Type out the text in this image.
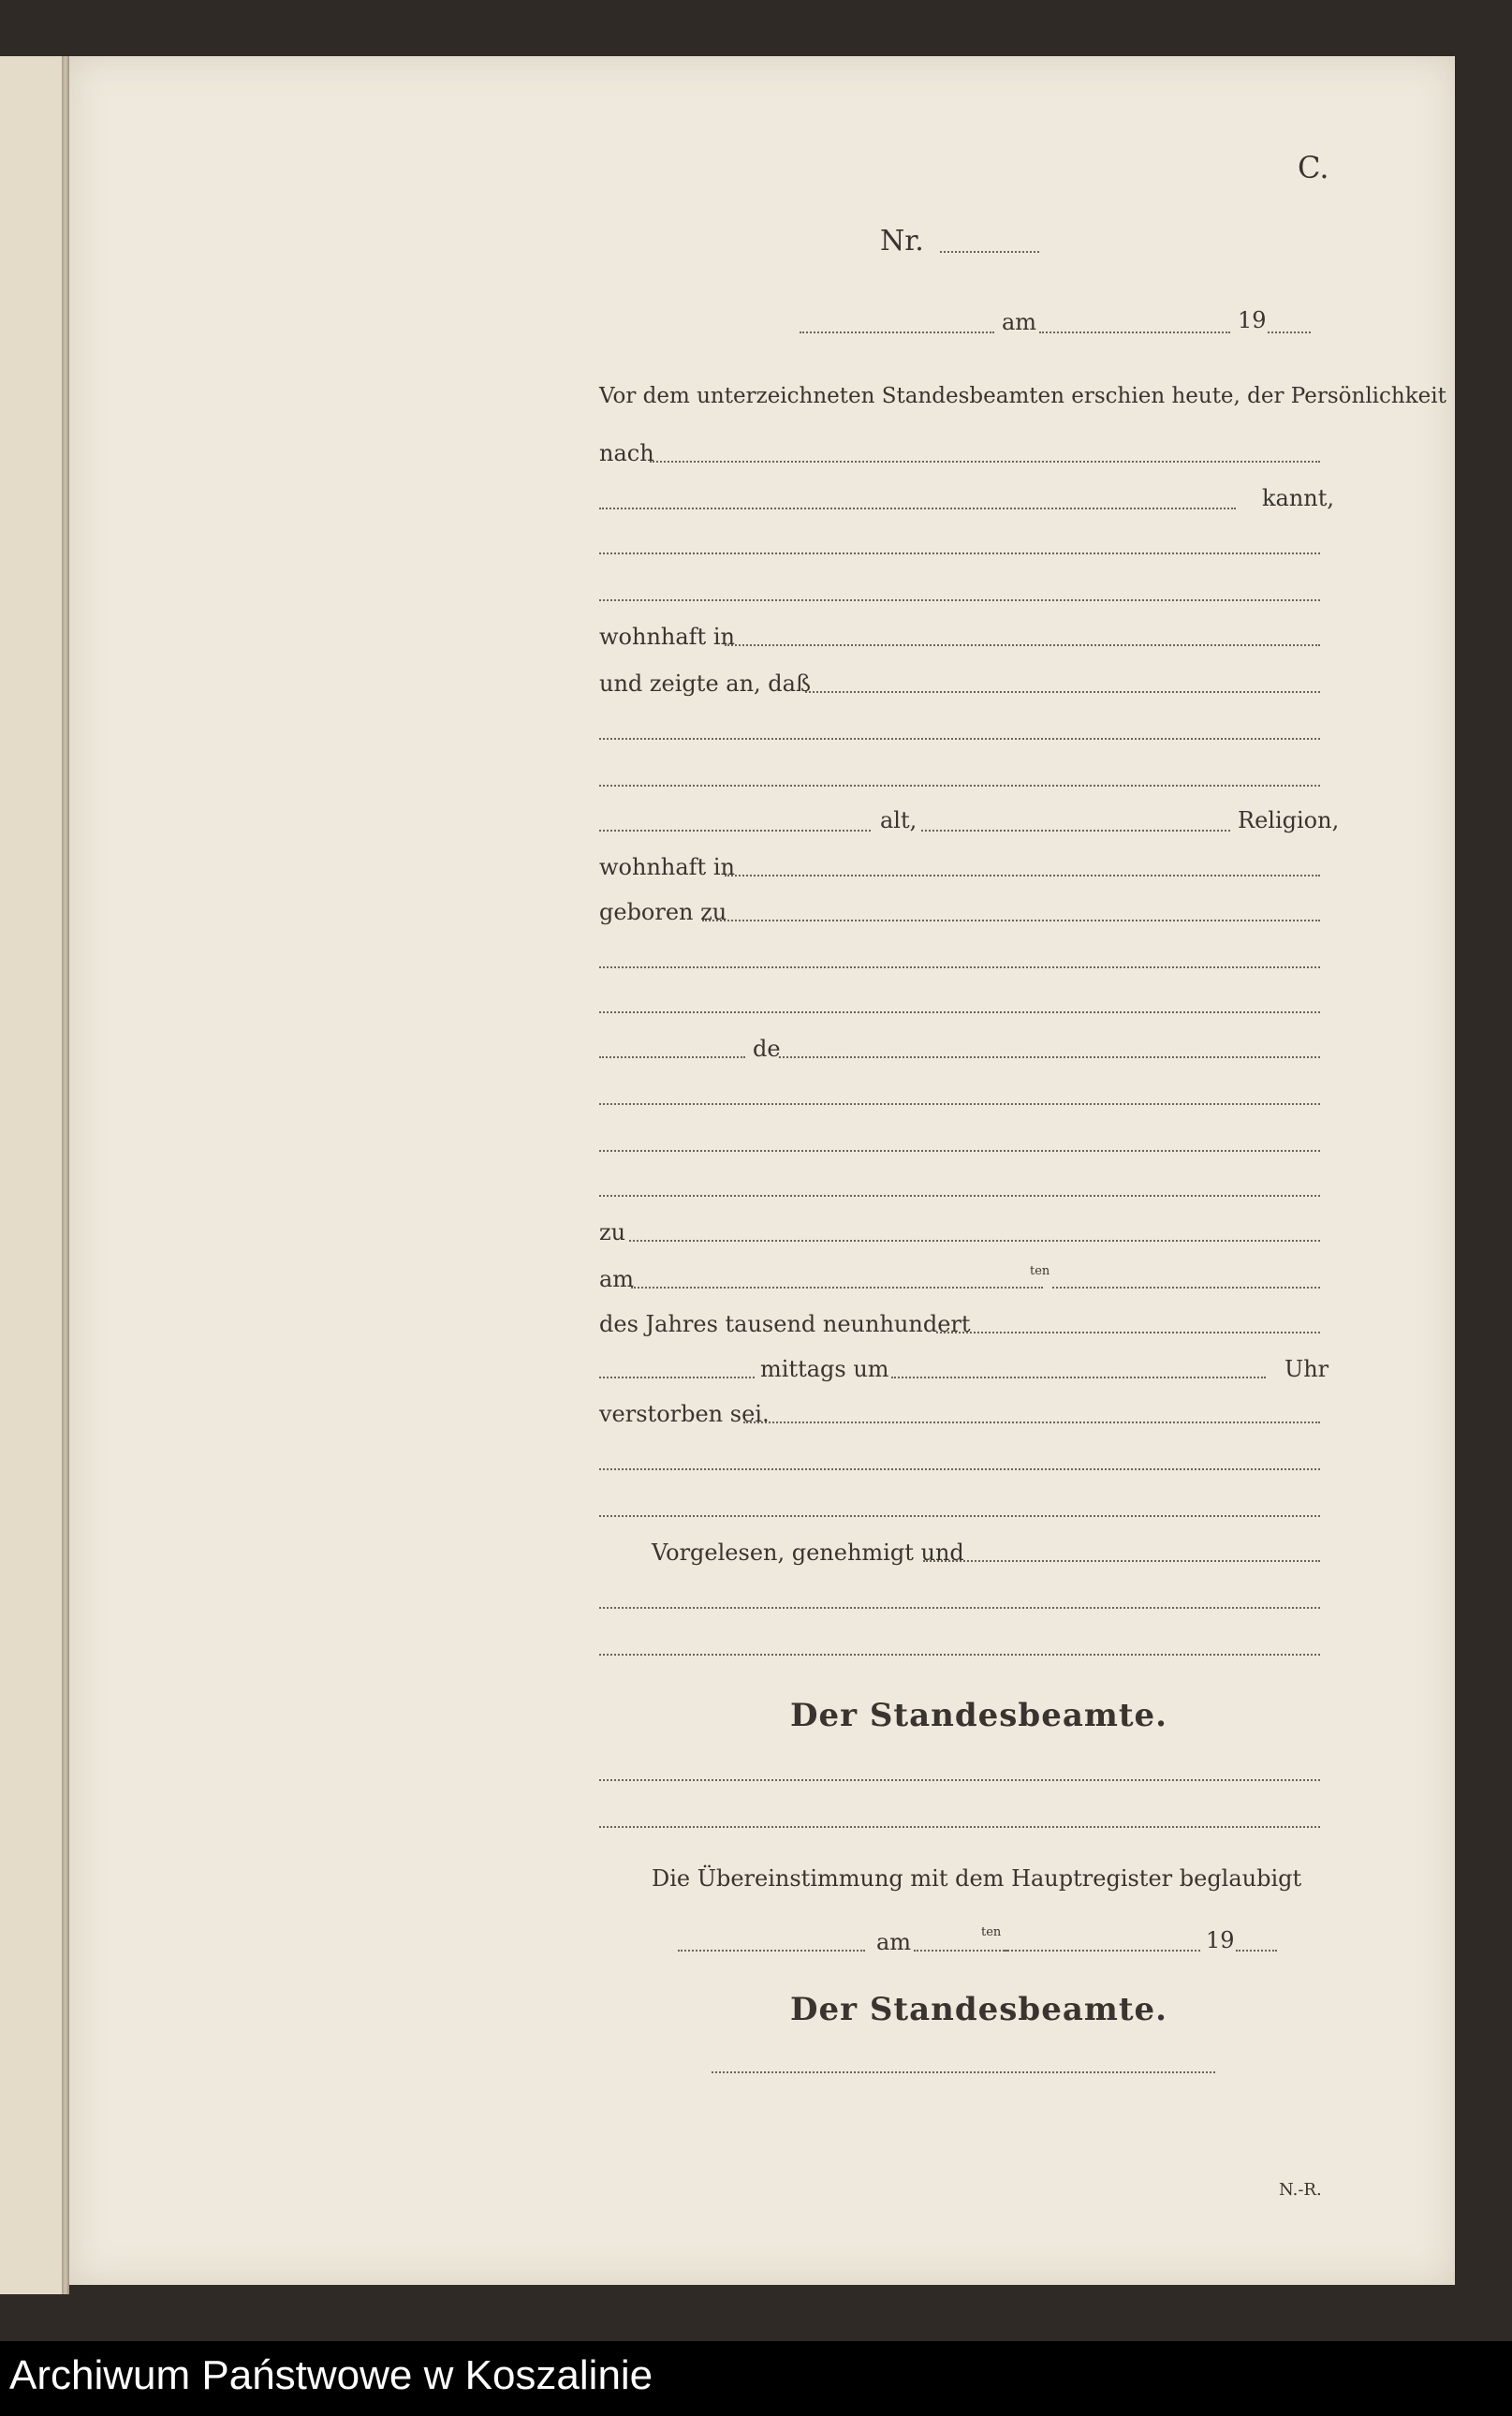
C.
Nr.
am	19
Vor dem unterzeichneten Standesbeamten erschien heute, der Persönlichkeit
nach
kannt,
wohnhaft in
und zeigte an, daß
alt,	Religion,
wohnhaft in
geboren zu
de
zu
am	ten
des Jahres tausend neunhundert
mittags um	Uhr
verstorben sei.
Vorgelesen, genehmigt und
Der Standesbeamte.
Die Übereinstimmung mit dem Hauptregister beglaubigt
am	ten	19
Der Standesbeamte.
N.-R.
Archiwum Państwowe w Koszalinie
